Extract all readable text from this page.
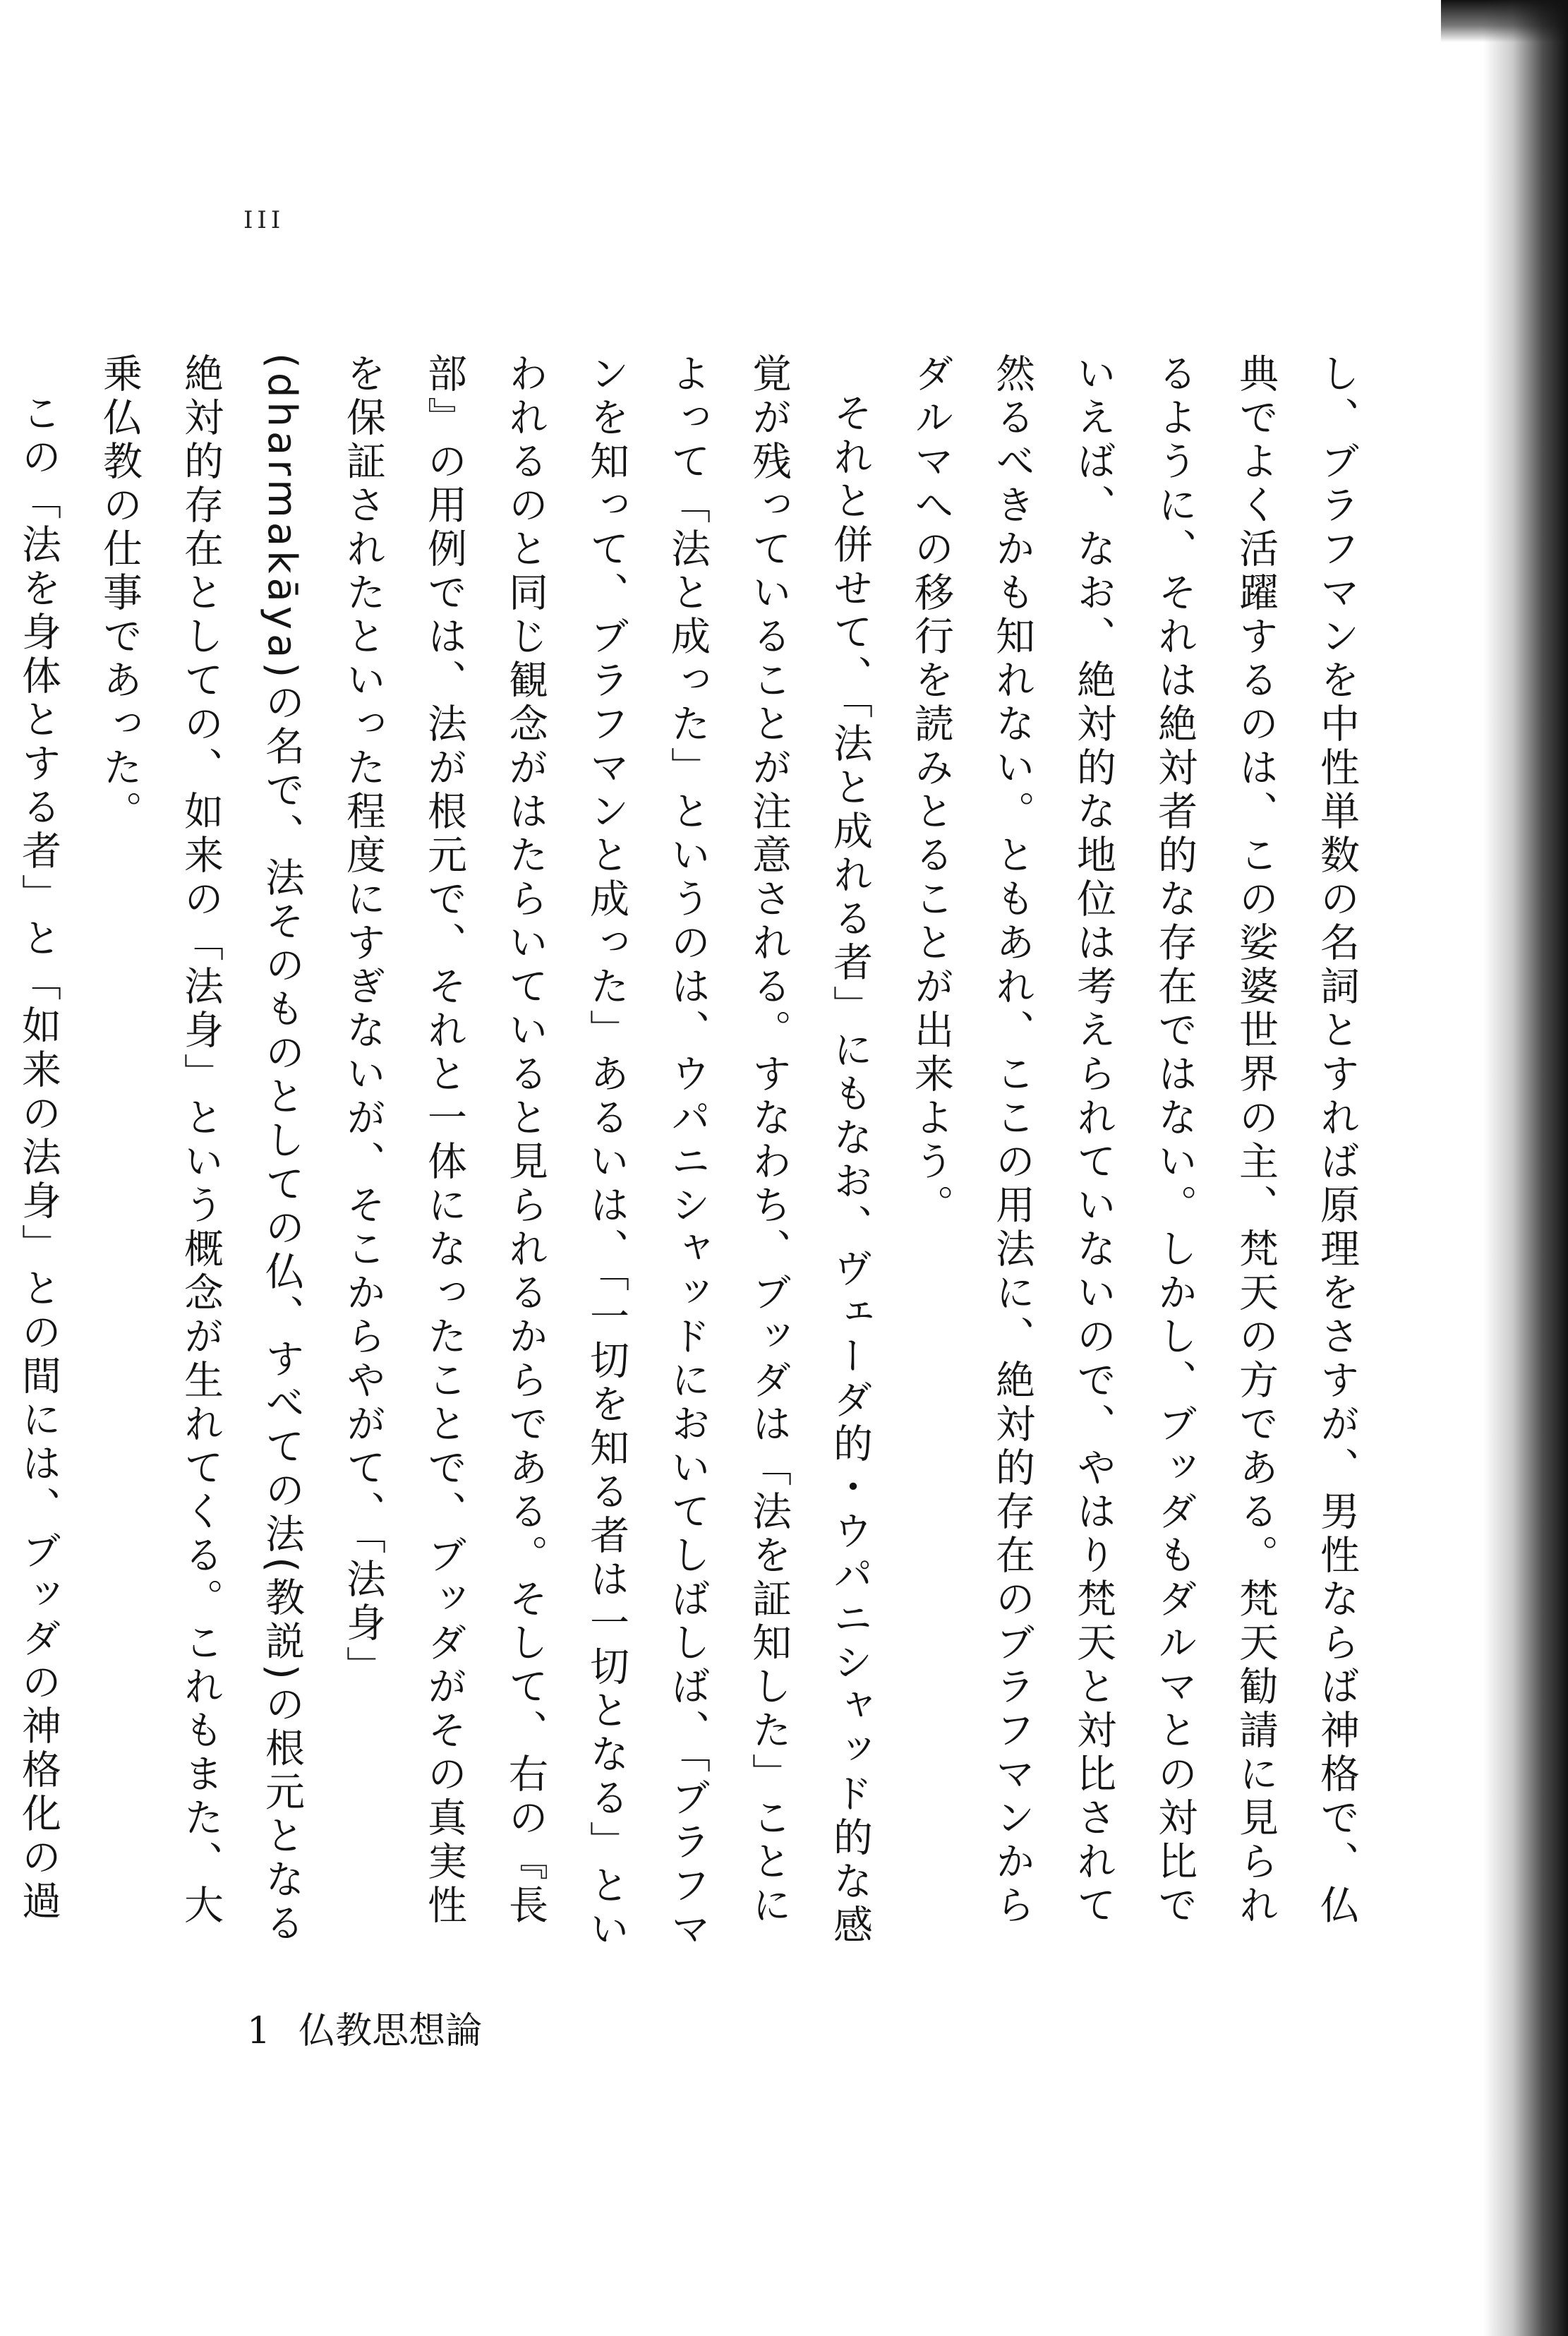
III

し、ブラフマンを中性単数の名詞とすれば原理をさすが、男性ならば神格で、仏典でよく活躍するのは、この娑婆世界の主、梵天の方である。梵天勧請に見られるように、それは絶対者的な存在ではない。しかし、ブッダもダルマとの対比でいえば、なお、絶対的な地位は考えられていないので、やはり梵天と対比されて然るべきかも知れない。ともあれ、ここの用法に、絶対的存在のブラフマンからダルマへの移行を読みとることが出来よう。

それと併せて、「法と成れる者」にもなお、ヴェーダ的・ウパニシャッド的な感覚が残っていることが注意される。すなわち、ブッダは「法を証知した」ことによって「法と成った」というのは、ウパニシャッドにおいてしばしば、「ブラフマンを知って、ブラフマンと成った」あるいは、「一切を知る者は一切となる」といわれるのと同じ観念がはたらいていると見られるからである。そして、右の『長部』の用例では、法が根元で、それと一体になったことで、ブッダがその真実性を保証されたといった程度にすぎないが、そこからやがて、「法身」(dharmakāya)の名で、法そのものとしての仏、すべての法(教説)の根元となる絶対的存在としての、如来の「法身」という概念が生れてくる。これもまた、大乗仏教の仕事であった。

この「法を身体とする者」と「如来の法身」との間には、ブッダの神格化の過

1 仏教思想論
